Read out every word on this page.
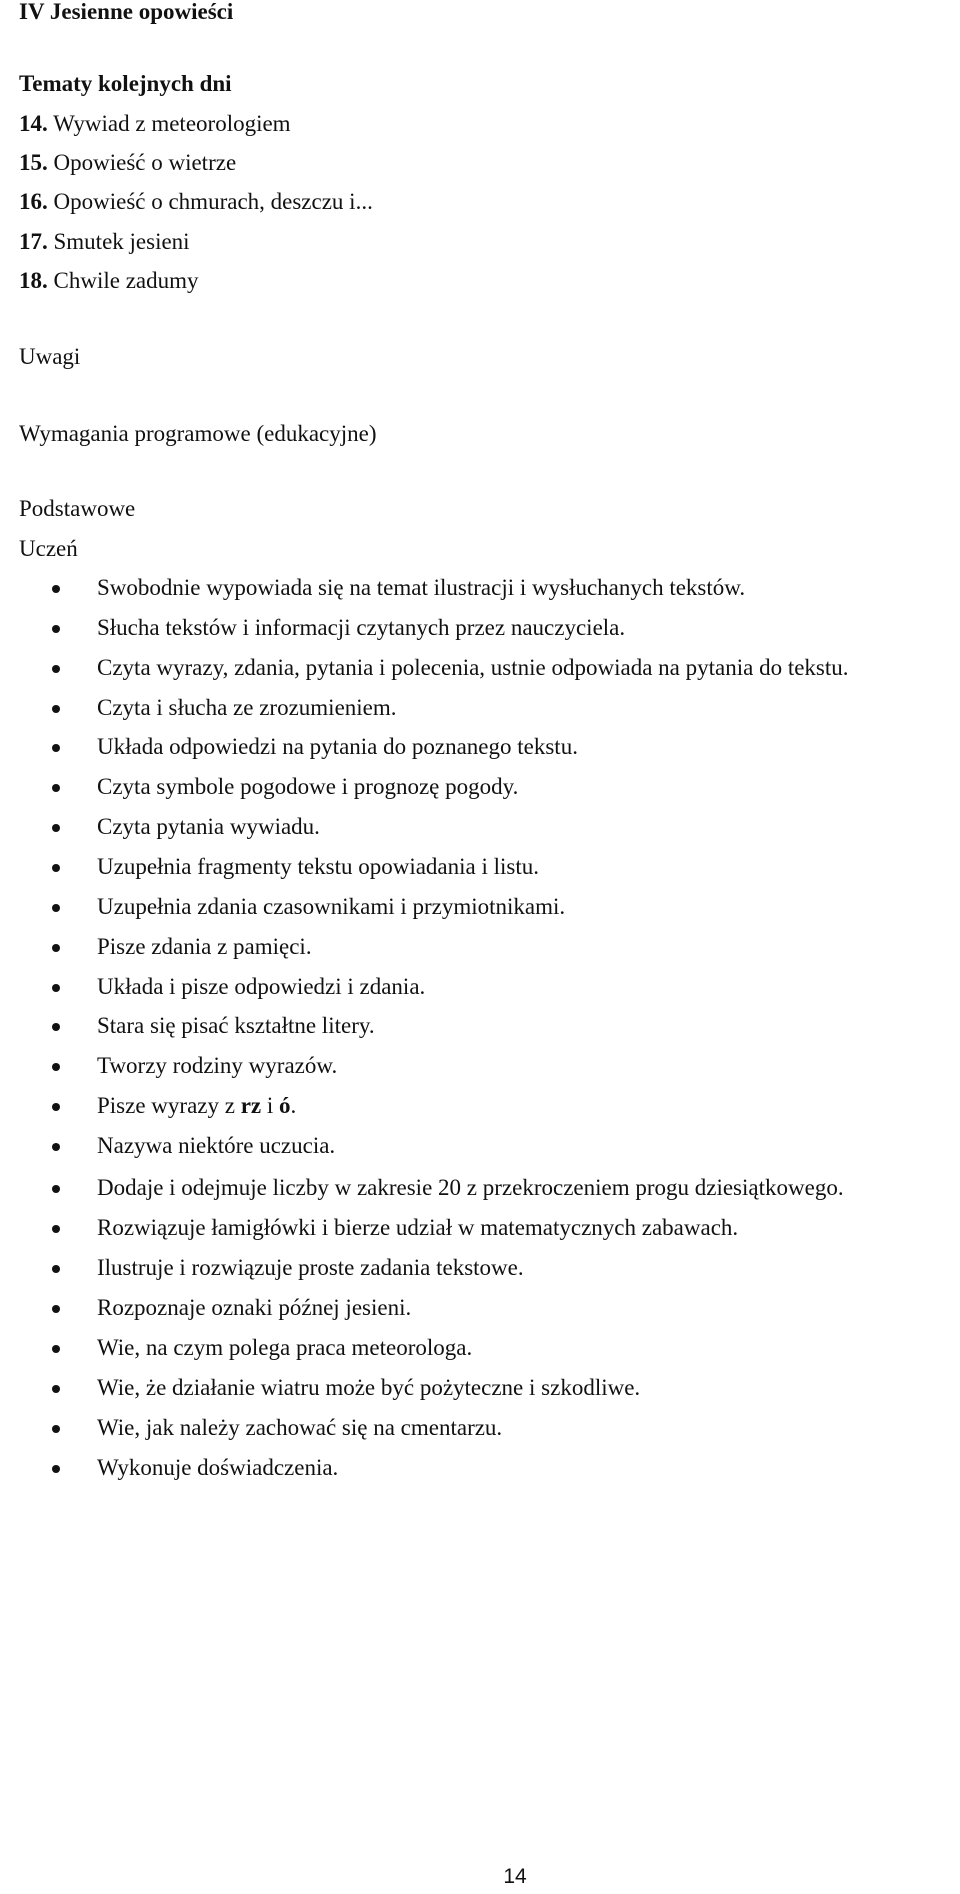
IV Jesienne opowieści
Tematy kolejnych dni
14. Wywiad z meteorologiem
15. Opowieść o wietrze
16. Opowieść o chmurach, deszczu i...
17. Smutek jesieni
18. Chwile zadumy
Uwagi
Wymagania programowe (edukacyjne)
Podstawowe
Uczeń
Swobodnie wypowiada się na temat ilustracji i wysłuchanych tekstów.
Słucha tekstów i informacji czytanych przez nauczyciela.
Czyta wyrazy, zdania, pytania i polecenia, ustnie odpowiada na pytania do tekstu.
Czyta i słucha ze zrozumieniem.
Układa odpowiedzi na pytania do poznanego tekstu.
Czyta symbole pogodowe i prognozę pogody.
Czyta pytania wywiadu.
Uzupełnia fragmenty tekstu opowiadania i listu.
Uzupełnia zdania czasownikami i przymiotnikami.
Pisze zdania z pamięci.
Układa i pisze odpowiedzi i zdania.
Stara się pisać kształtne litery.
Tworzy rodziny wyrazów.
Pisze wyrazy z rz i ó.
Nazywa niektóre uczucia.
Dodaje i odejmuje liczby w zakresie 20 z przekroczeniem progu dziesiątkowego.
Rozwiązuje łamigłówki i bierze udział w matematycznych zabawach.
Ilustruje i rozwiązuje proste zadania tekstowe.
Rozpoznaje oznaki późnej jesieni.
Wie, na czym polega praca meteorologa.
Wie, że działanie wiatru może być pożyteczne i szkodliwe.
Wie, jak należy zachować się na cmentarzu.
Wykonuje doświadczenia.
14
